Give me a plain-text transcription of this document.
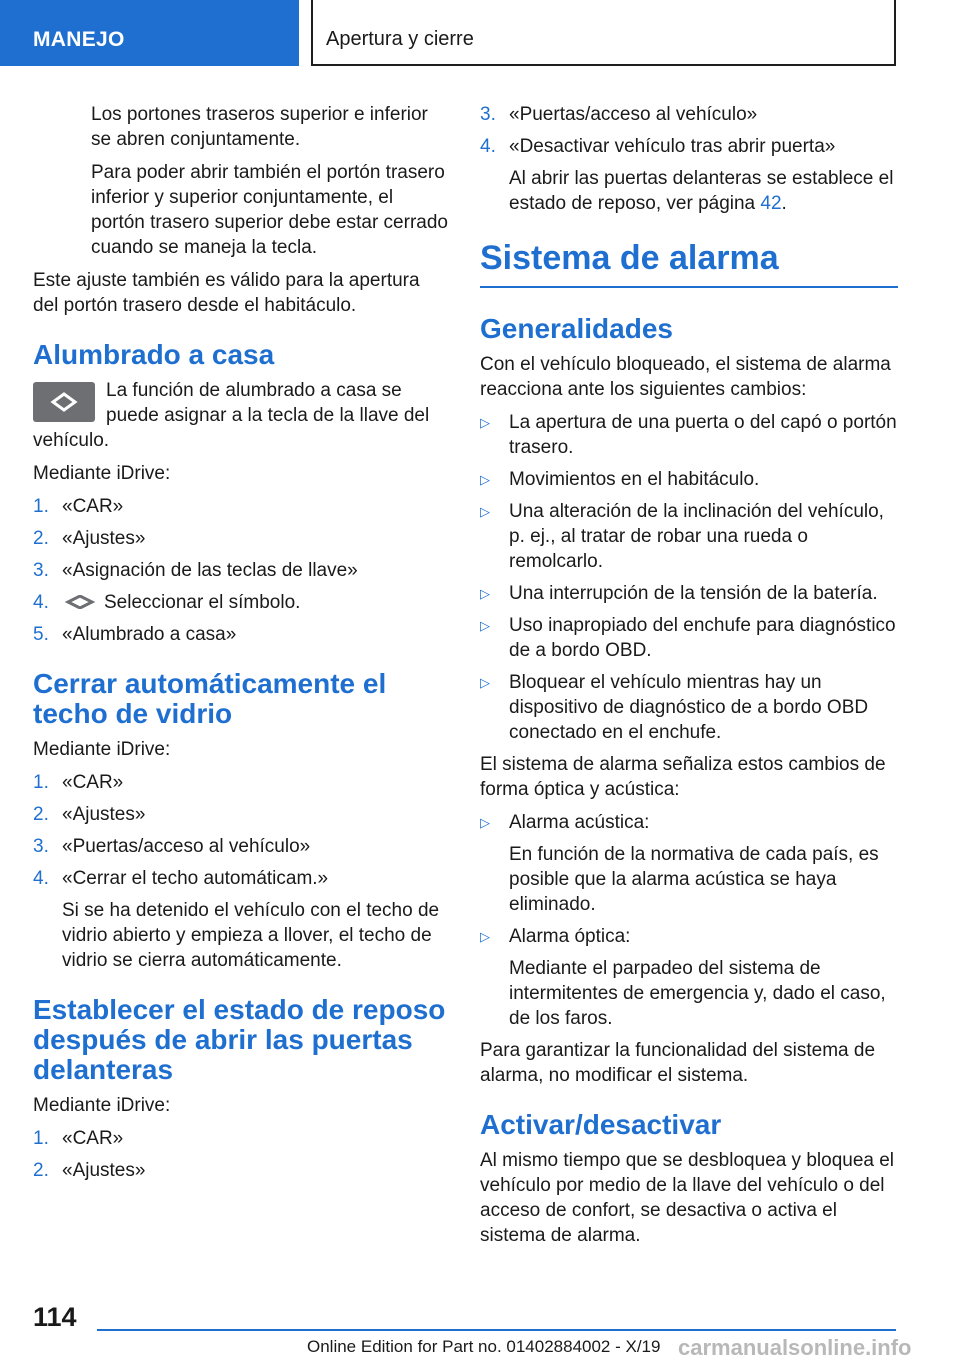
MANEJO	Apertura y cierre

Los portones traseros superior e inferior se abren conjuntamente.

Para poder abrir también el portón trasero inferior y superior conjuntamente, el portón trasero superior debe estar cerrado cuando se maneja la tecla.

Este ajuste también es válido para la apertura del portón trasero desde el habitáculo.

Alumbrado a casa
La función de alumbrado a casa se puede asignar a la tecla de la llave del vehículo.

Mediante iDrive:

1. «CAR»
2. «Ajustes»
3. «Asignación de las teclas de llave»
4.	Seleccionar el símbolo.
5. «Alumbrado a casa»
Cerrar automáticamente el techo de vidrio

Mediante iDrive:

1. «CAR»
2. «Ajustes»
3. «Puertas/acceso al vehículo»
4. «Cerrar el techo automáticam.»
Si se ha detenido el vehículo con el techo de vidrio abierto y empieza a llover, el techo de vidrio se cierra automáticamente.
Establecer el estado de reposo después de abrir las puertas delanteras

Mediante iDrive:

1. «CAR»
2. «Ajustes»
3. «Puertas/acceso al vehículo»
4. «Desactivar vehículo tras abrir puerta»
Al abrir las puertas delanteras se establece el estado de reposo, ver página 42.
Sistema de alarma
Generalidades

Con el vehículo bloqueado, el sistema de alarma reacciona ante los siguientes cambios:

▷	La apertura de una puerta o del capó o portón trasero.
▷	Movimientos en el habitáculo.
▷	Una alteración de la inclinación del vehículo, p. ej., al tratar de robar una rueda o remolcarlo.
▷	Una interrupción de la tensión de la batería.
▷	Uso inapropiado del enchufe para diagnóstico de a bordo OBD.
▷	Bloquear el vehículo mientras hay un dispositivo de diagnóstico de a bordo OBD conectado en el enchufe.

El sistema de alarma señaliza estos cambios de forma óptica y acústica:

▷	Alarma acústica:
En función de la normativa de cada país, es posible que la alarma acústica se haya eliminado.
▷	Alarma óptica:
Mediante el parpadeo del sistema de intermitentes de emergencia y, dado el caso, de los faros.

Para garantizar la funcionalidad del sistema de alarma, no modificar el sistema.

Activar/desactivar

Al mismo tiempo que se desbloquea y bloquea el vehículo por medio de la llave del vehículo o del acceso de confort, se desactiva o activa el sistema de alarma.

114
Online Edition for Part no. 01402884002 - X/19 carmanualsonline.info
